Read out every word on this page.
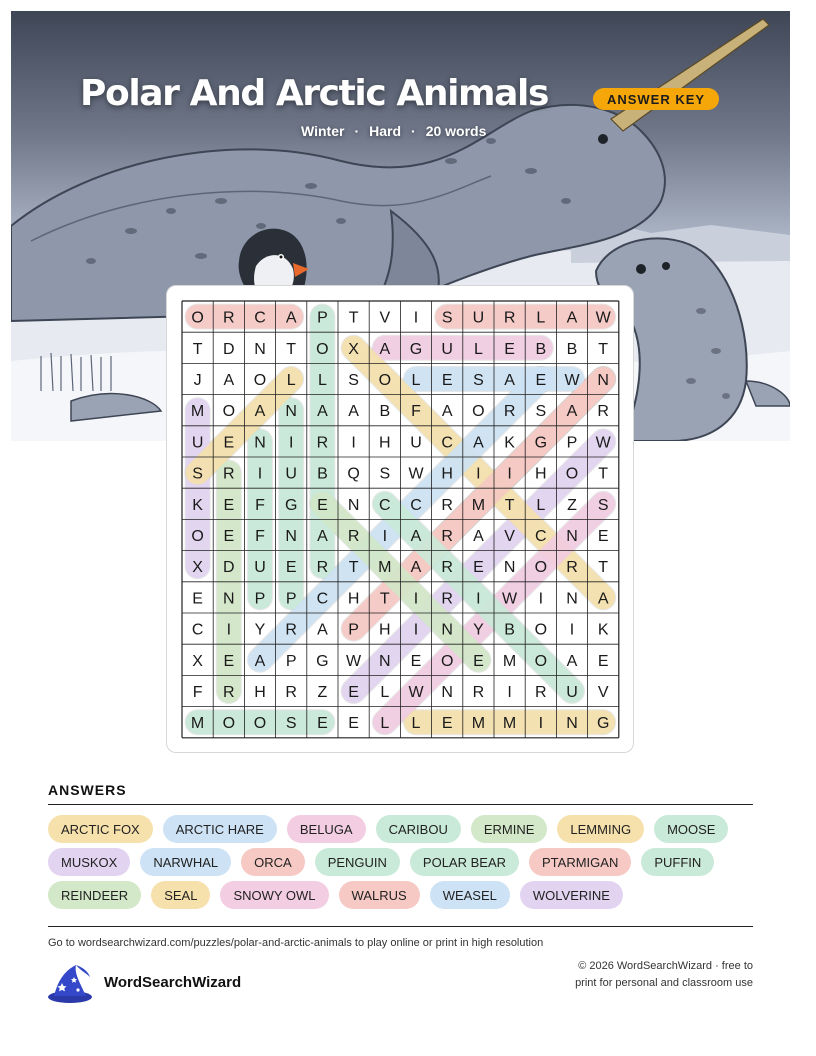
Polar And Arctic Animals	ANSWER KEY
Winter · Hard · 20 words
O R C A P T V I S U R L A W
T D N T O X A G U L E B B T
J A O L L S O L E S A E W N
M O A N A A B F A O R S A R
U E N I R I H U C A K G P W
S R I U B Q S W H I I H O T
K E F G E N C C R M T L Z S
O E F N A R I A R A V C N E
X D U E R T M A R E N O R T
E N P P C H T I R I W I N A
C I Y R A P H I N Y B O I K
X E A P G W N E O E M O A E
F R H R Z E L W N R I R U V
M O O S E E L L E M M I N G
ANSWERS
ARCTIC FOX	ARCTIC HARE	BELUGA	CARIBOU	ERMINE	LEMMING	MOOSE
MUSKOX	NARWHAL	ORCA	PENGUIN	POLAR BEAR	PTARMIGAN	PUFFIN
REINDEER	SEAL	SNOWY OWL	WALRUS	WEASEL	WOLVERINE
Go to wordsearchwizard.com/puzzles/polar-and-arctic-animals to play online or print in high resolution
WordSearchWizard
© 2026 WordSearchWizard · free to print for personal and classroom use
